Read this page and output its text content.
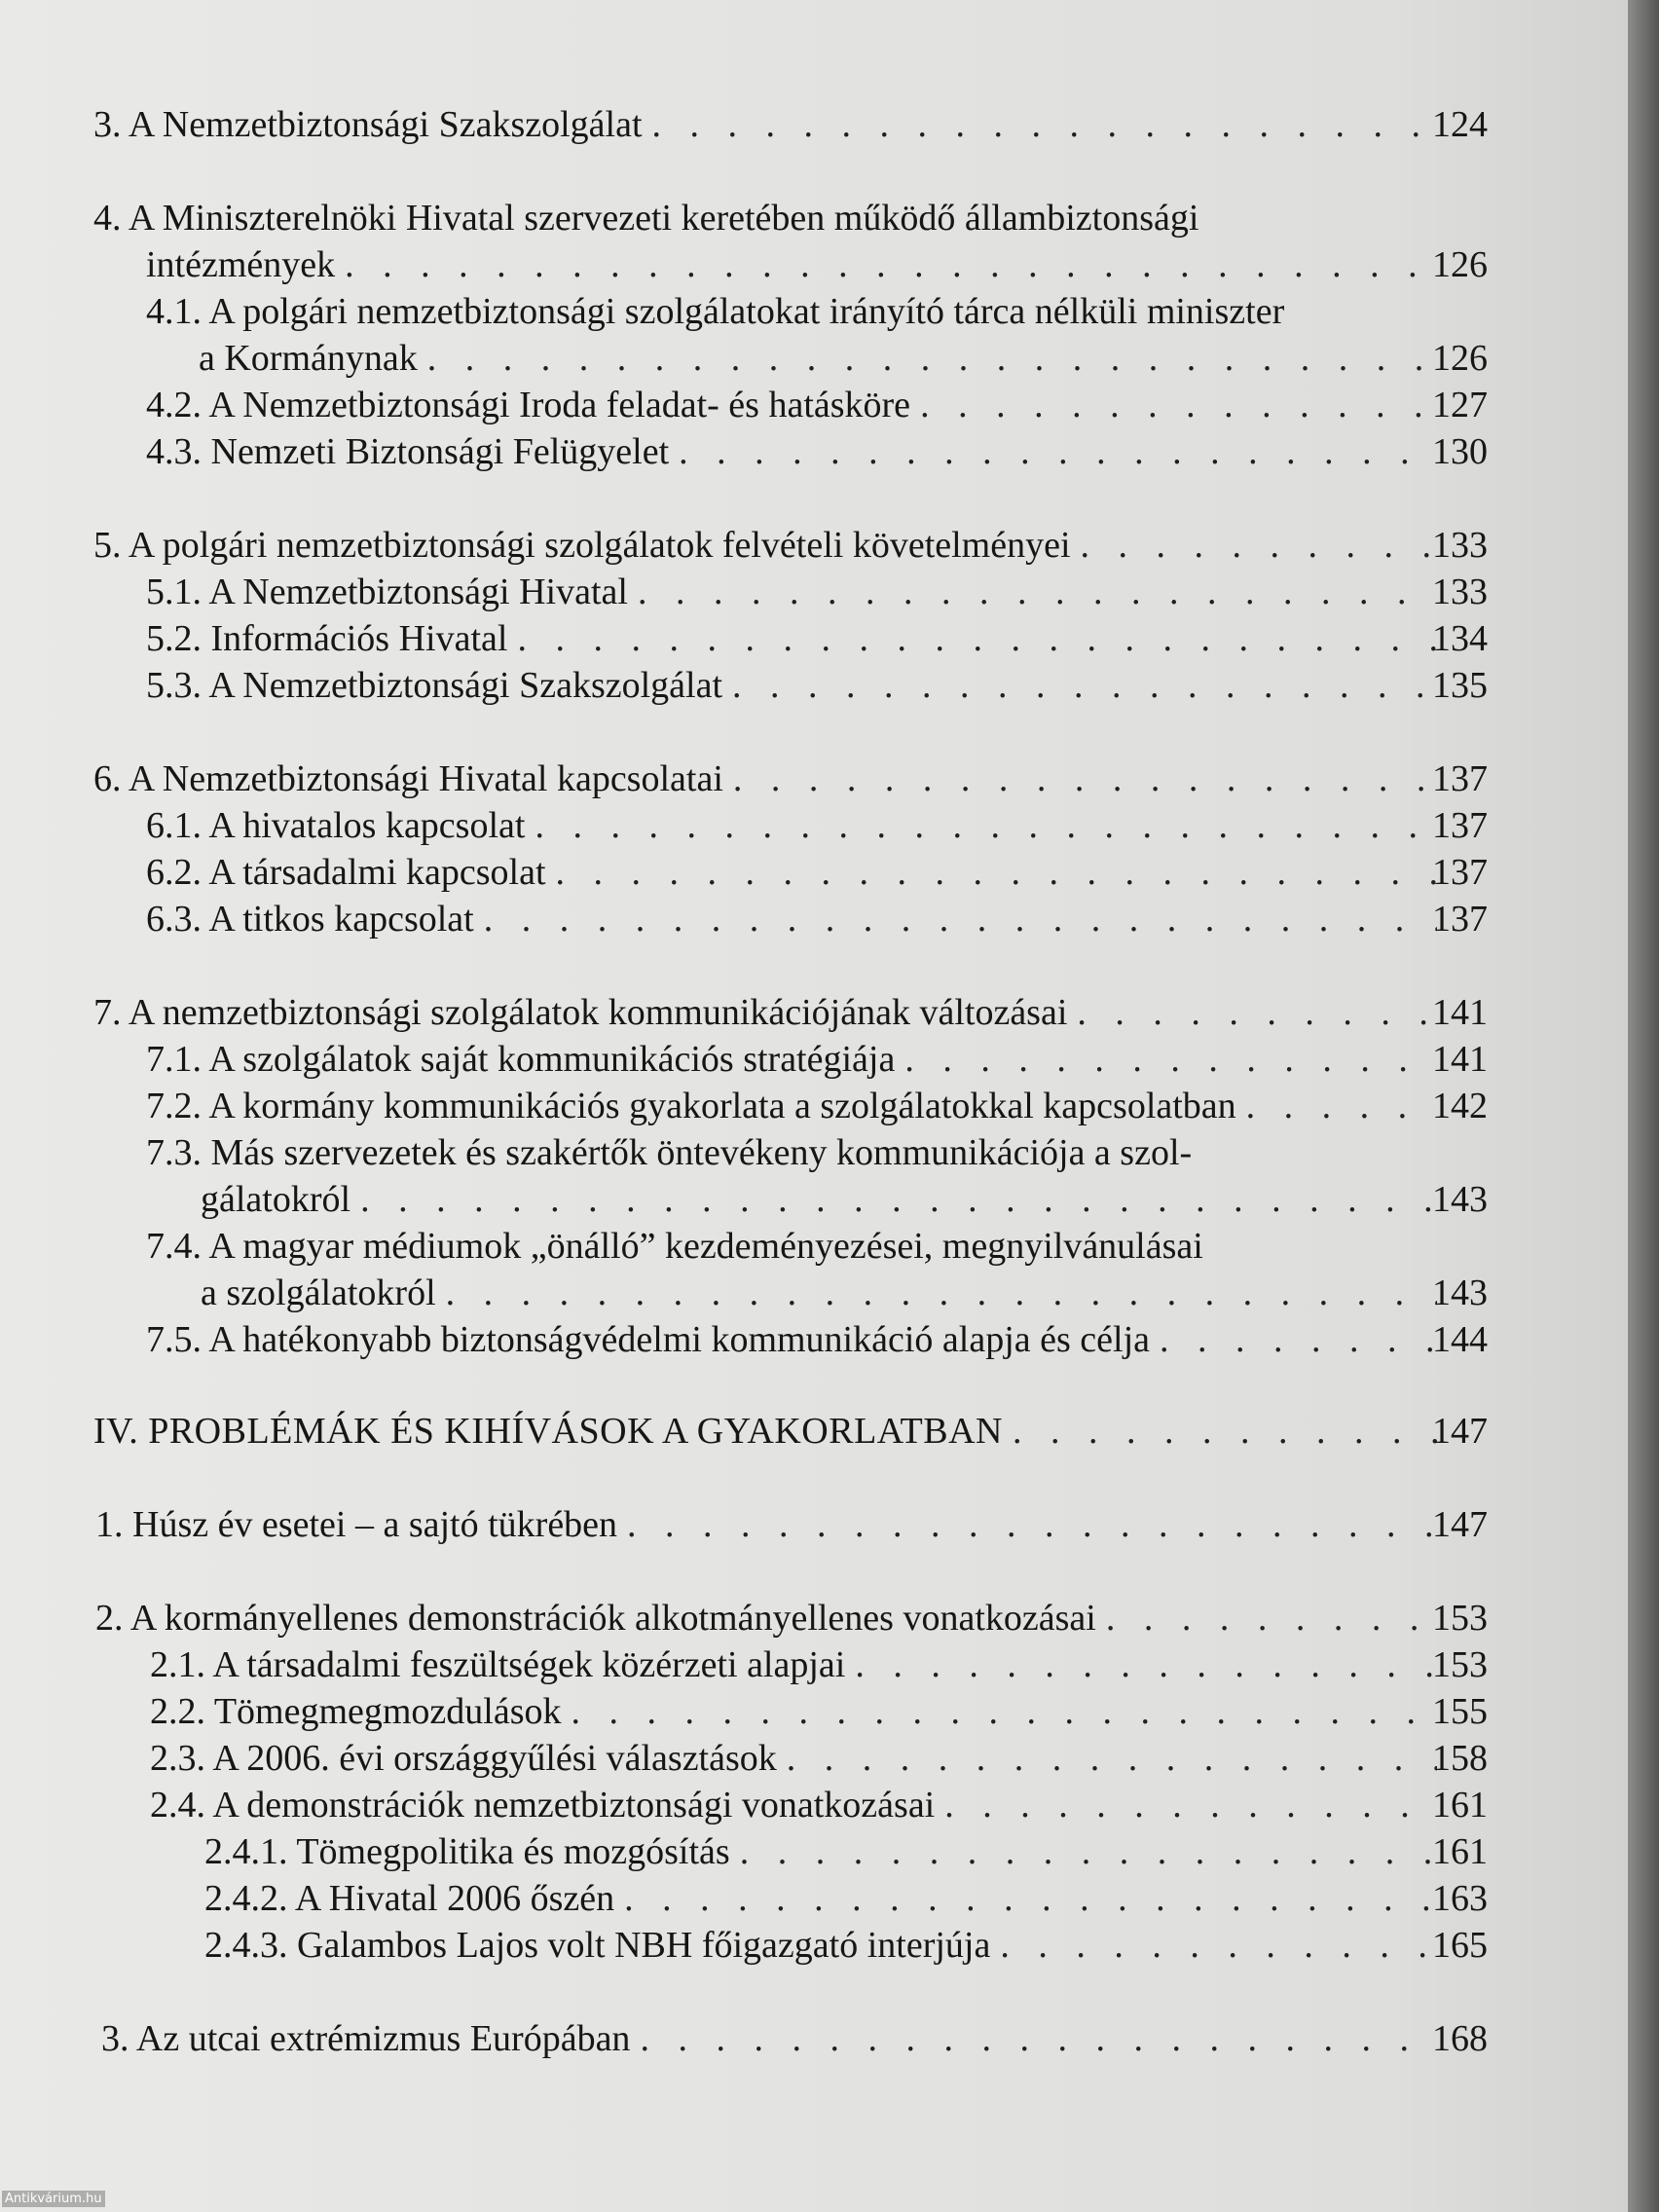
3. A Nemzetbiztonsági Szakszolgálat . . .	124
4. A Miniszterelnöki Hivatal szervezeti keretében működő állambiztonsági
intézmények . . .	126
4.1. A polgári nemzetbiztonsági szolgálatokat irányító tárca nélküli miniszter
a Kormánynak . . .	126
4.2. A Nemzetbiztonsági Iroda feladat- és hatásköre . . .	127
4.3. Nemzeti Biztonsági Felügyelet . . .	130
5. A polgári nemzetbiztonsági szolgálatok felvételi követelményei . . .	133
5.1. A Nemzetbiztonsági Hivatal . . .	133
5.2. Információs Hivatal . . .	134
5.3. A Nemzetbiztonsági Szakszolgálat . . .	135
6. A Nemzetbiztonsági Hivatal kapcsolatai . . .	137
6.1. A hivatalos kapcsolat . . .	137
6.2. A társadalmi kapcsolat . . .	137
6.3. A titkos kapcsolat . . .	137
7. A nemzetbiztonsági szolgálatok kommunikációjának változásai . . .	141
7.1. A szolgálatok saját kommunikációs stratégiája . . .	141
7.2. A kormány kommunikációs gyakorlata a szolgálatokkal kapcsolatban . . .	142
7.3. Más szervezetek és szakértők öntevékeny kommunikációja a szol-
gálatokról . . .	143
7.4. A magyar médiumok „önálló” kezdeményezései, megnyilvánulásai
a szolgálatokról . . .	143
7.5. A hatékonyabb biztonságvédelmi kommunikáció alapja és célja . . .	144
IV. PROBLÉMÁK ÉS KIHÍVÁSOK A GYAKORLATBAN . . .	147
1. Húsz év esetei – a sajtó tükrében . . .	147
2. A kormányellenes demonstrációk alkotmányellenes vonatkozásai . . .	153
2.1. A társadalmi feszültségek közérzeti alapjai . . .	153
2.2. Tömegmegmozdulások . . .	155
2.3. A 2006. évi országgyűlési választások . . .	158
2.4. A demonstrációk nemzetbiztonsági vonatkozásai . . .	161
2.4.1. Tömegpolitika és mozgósítás . . .	161
2.4.2. A Hivatal 2006 őszén . . .	163
2.4.3. Galambos Lajos volt NBH főigazgató interjúja . . .	165
3. Az utcai extrémizmus Európában . . .	168
Antikvárium.hu
